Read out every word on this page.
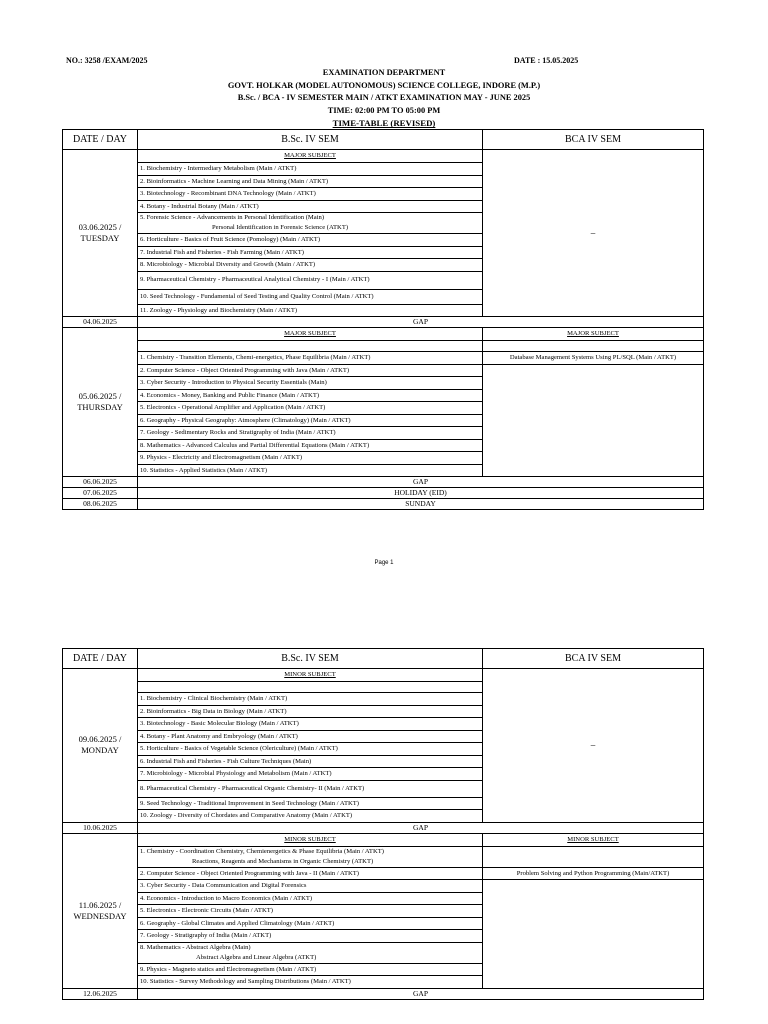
NO.: 3258 /EXAM/2025	DATE : 15.05.2025
EXAMINATION DEPARTMENT
GOVT. HOLKAR (MODEL AUTONOMOUS) SCIENCE COLLEGE, INDORE (M.P.)
B.Sc. / BCA - IV SEMESTER MAIN / ATKT EXAMINATION MAY - JUNE 2025
TIME: 02:00 PM TO 05:00 PM
TIME-TABLE (REVISED)
DATE / DAY	B.Sc. IV SEM	BCA IV SEM
03.06.2025 /
TUESDAY	MAJOR SUBJECT	–
	1. Biochemistry - Intermediary Metabolism (Main / ATKT)	
	2. Bioinformatics - Machine Learning and Data Mining (Main / ATKT)	
	3. Biotechnology - Recombinant DNA Technology (Main / ATKT)	
	4. Botany - Industrial Botany (Main / ATKT)	
	5. Forensic Science - Advancements in Personal Identification (Main)
Personal Identification in Forensic Science (ATKT)	
	6. Horticulture - Basics of Fruit Science (Pomology) (Main / ATKT)	
	7. Industrial Fish and Fisheries - Fish Farming (Main / ATKT)	
	8. Microbiology - Microbial Diversity and Growth (Main / ATKT)	
	9. Pharmaceutical Chemistry - Pharmaceutical Analytical Chemistry - I (Main / ATKT)	
	10. Seed Technology - Fundamental of Seed Testing and Quality Control (Main / ATKT)	
	11. Zoology - Physiology and Biochemistry (Main / ATKT)	
04.06.2025	GAP	
05.06.2025 /
THURSDAY	MAJOR SUBJECT	MAJOR SUBJECT

	1. Chemistry - Transition Elements, Chemi-energetics, Phase Equilibria (Main / ATKT)	Database Management Systems Using PL/SQL (Main / ATKT)
	2. Computer Science - Object Oriented Programming with Java (Main / ATKT)	
	3. Cyber Security - Introduction to Physical Security Essentials (Main)	
	4. Economics - Money, Banking and Public Finance (Main / ATKT)	
	5. Electronics - Operational Amplifier and Application (Main / ATKT)	
	6. Geography - Physical Geography: Atmosphere (Climatology) (Main / ATKT)	
	7. Geology - Sedimentary Rocks and Stratigraphy of India (Main / ATKT)	
	8. Mathematics - Advanced Calculus and Partial Differential Equations (Main / ATKT)	
	9. Physics - Electricity and Electromagnetism (Main / ATKT)	
	10. Statistics - Applied Statistics (Main / ATKT)	
06.06.2025	GAP	
07.06.2025	HOLIDAY (EID)	
08.06.2025	SUNDAY	
Page 1
DATE / DAY	B.Sc. IV SEM	BCA IV SEM
09.06.2025 /
MONDAY	MINOR SUBJECT	–

	1. Biochemistry - Clinical Biochemistry (Main / ATKT)	
	2. Bioinformatics - Big Data in Biology (Main / ATKT)	
	3. Biotechnology - Basic Molecular Biology (Main / ATKT)	
	4. Botany - Plant Anatomy and Embryology (Main / ATKT)	
	5. Horticulture - Basics of Vegetable Science (Olericulture) (Main / ATKT)	
	6. Industrial Fish and Fisheries - Fish Culture Techniques (Main)	
	7. Microbiology - Microbial Physiology and Metabolism (Main / ATKT)	
	8. Pharmaceutical Chemistry - Pharmaceutical Organic Chemistry- II (Main / ATKT)	
	9. Seed Technology - Traditional Improvement in Seed Technology (Main / ATKT)	
	10. Zoology - Diversity of Chordates and Comparative Anatomy (Main / ATKT)	
10.06.2025	GAP	
11.06.2025 /
WEDNESDAY	MINOR SUBJECT	MINOR SUBJECT
	1. Chemistry - Coordination Chemistry, Chemienergetics & Phase Equilibria (Main / ATKT)
Reactions, Reagents and Mechanisms in Organic Chemistry (ATKT)	
	2. Computer Science - Object Oriented Programming with Java - II (Main / ATKT)	Problem Solving and Python Programming (Main/ATKT)
	3. Cyber Security - Data Communication and Digital Forensics	
	4. Economics - Introduction to Macro Economics (Main / ATKT)	
	5. Electronics - Electronic Circuits (Main / ATKT)	
	6. Geography - Global Climates and Applied Climatology (Main / ATKT)	
	7. Geology - Stratigraphy of India (Main / ATKT)	
	8. Mathematics - Abstract Algebra (Main)
Abstract Algebra and Linear Algebra (ATKT)	
	9. Physics - Magneto statics and Electromagnetism (Main / ATKT)	
	10. Statistics - Survey Methodology and Sampling Distributions (Main / ATKT)	
12.06.2025	GAP	
